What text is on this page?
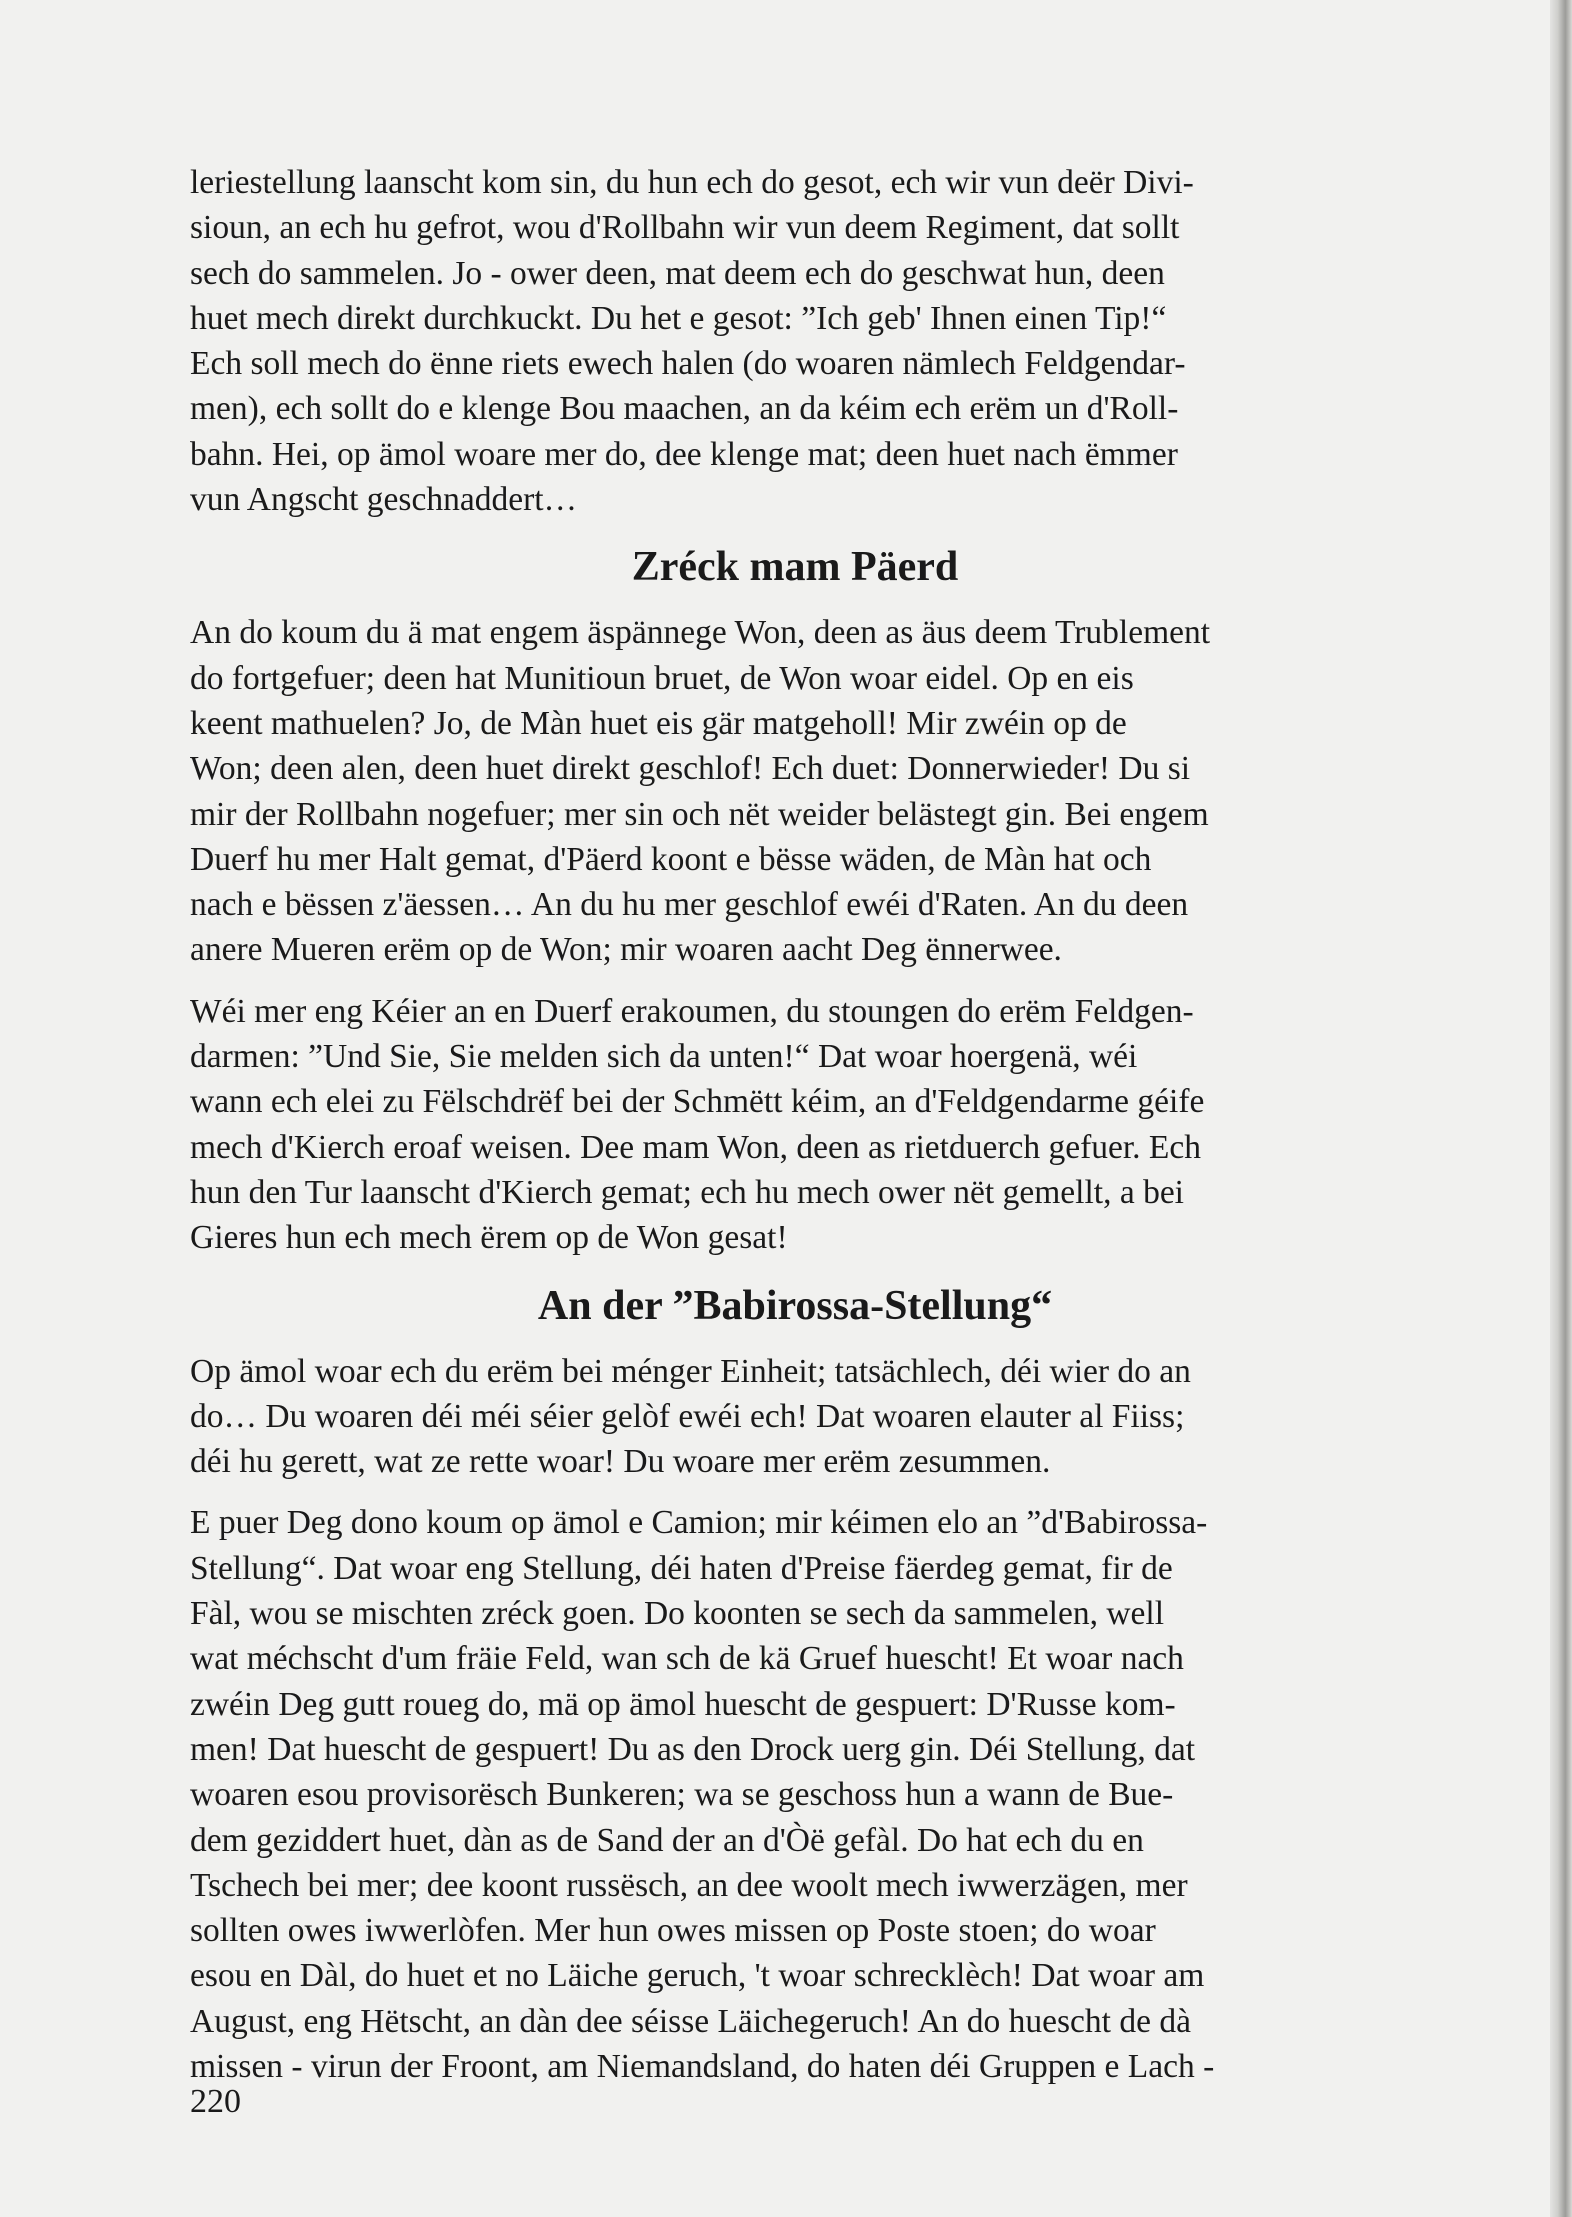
leriestellung laanscht kom sin, du hun ech do gesot, ech wir vun deër Divi-
sioun, an ech hu gefrot, wou d'Rollbahn wir vun deem Regiment, dat sollt
sech do sammelen. Jo - ower deen, mat deem ech do geschwat hun, deen
huet mech direkt durchkuckt. Du het e gesot: ”Ich geb' Ihnen einen Tip!“
Ech soll mech do ënne riets ewech halen (do woaren nämlech Feldgendar-
men), ech sollt do e klenge Bou maachen, an da kéim ech erëm un d'Roll-
bahn. Hei, op ämol woare mer do, dee klenge mat; deen huet nach ëmmer
vun Angscht geschnaddert…

Zréck mam Päerd

An do koum du ä mat engem äspännege Won, deen as äus deem Trublement
do fortgefuer; deen hat Munitioun bruet, de Won woar eidel. Op en eis
keent mathuelen? Jo, de Màn huet eis gär matgeholl! Mir zwéin op de
Won; deen alen, deen huet direkt geschlof! Ech duet: Donnerwieder! Du si
mir der Rollbahn nogefuer; mer sin och nët weider belästegt gin. Bei engem
Duerf hu mer Halt gemat, d'Päerd koont e bësse wäden, de Màn hat och
nach e bëssen z'äessen… An du hu mer geschlof ewéi d'Raten. An du deen
anere Mueren erëm op de Won; mir woaren aacht Deg ënnerwee.

Wéi mer eng Kéier an en Duerf erakoumen, du stoungen do erëm Feldgen-
darmen: ”Und Sie, Sie melden sich da unten!“ Dat woar hoergenä, wéi
wann ech elei zu Fëlschdrëf bei der Schmëtt kéim, an d'Feldgendarme géife
mech d'Kierch eroaf weisen. Dee mam Won, deen as rietduerch gefuer. Ech
hun den Tur laanscht d'Kierch gemat; ech hu mech ower nët gemellt, a bei
Gieres hun ech mech ërem op de Won gesat!

An der ”Babirossa-Stellung“

Op ämol woar ech du erëm bei ménger Einheit; tatsächlech, déi wier do an
do… Du woaren déi méi séier gelòf ewéi ech! Dat woaren elauter al Fiiss;
déi hu gerett, wat ze rette woar! Du woare mer erëm zesummen.

E puer Deg dono koum op ämol e Camion; mir kéimen elo an ”d'Babirossa-
Stellung“. Dat woar eng Stellung, déi haten d'Preise fäerdeg gemat, fir de
Fàl, wou se mischten zréck goen. Do koonten se sech da sammelen, well
wat méchscht d'um fräie Feld, wan sch de kä Gruef huescht! Et woar nach
zwéin Deg gutt roueg do, mä op ämol huescht de gespuert: D'Russe kom-
men! Dat huescht de gespuert! Du as den Drock uerg gin. Déi Stellung, dat
woaren esou provisorësch Bunkeren; wa se geschoss hun a wann de Bue-
dem geziddert huet, dàn as de Sand der an d'Òë gefàl. Do hat ech du en
Tschech bei mer; dee koont russësch, an dee woolt mech iwwerzägen, mer
sollten owes iwwerlòfen. Mer hun owes missen op Poste stoen; do woar
esou en Dàl, do huet et no Läiche geruch, 't woar schrecklèch! Dat woar am
August, eng Hëtscht, an dàn dee séisse Läichegeruch! An do huescht de dà
missen - virun der Froont, am Niemandsland, do haten déi Gruppen e Lach -

220
